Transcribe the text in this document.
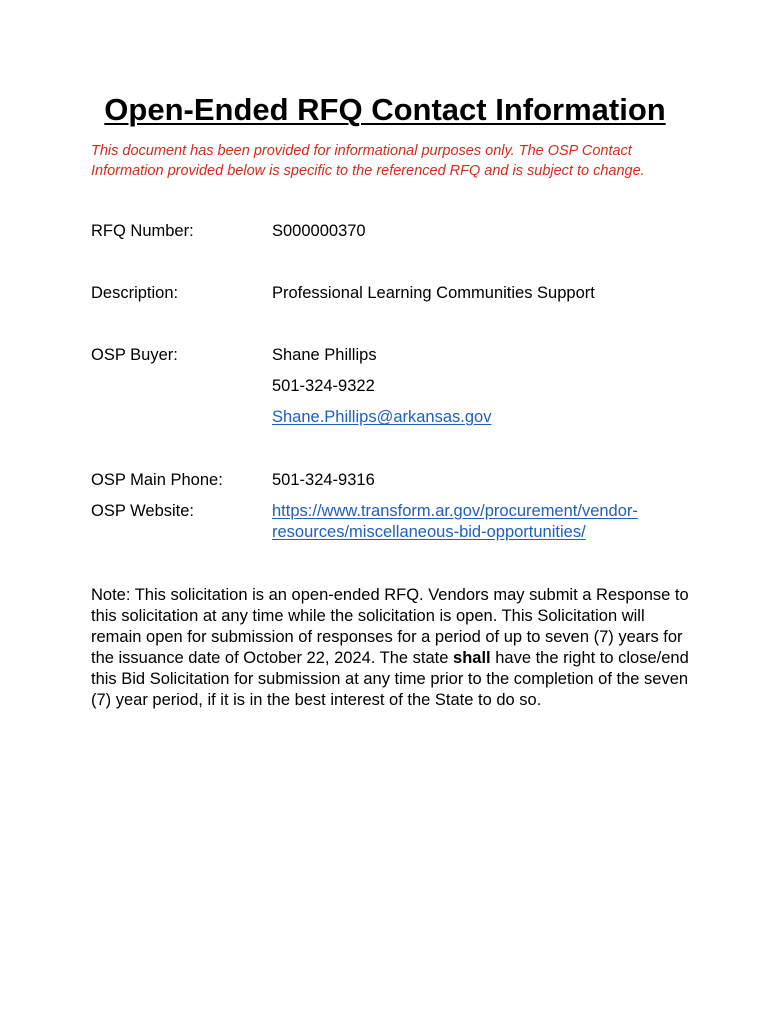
Open-Ended RFQ Contact Information

This document has been provided for informational purposes only. The OSP Contact Information provided below is specific to the referenced RFQ and is subject to change.

RFQ Number:	S000000370
Description:	Professional Learning Communities Support
OSP Buyer:	Shane Phillips
501-324-9322
Shane.Phillips@arkansas.gov
OSP Main Phone:	501-324-9316
OSP Website:	https://www.transform.ar.gov/procurement/vendor-
resources/miscellaneous-bid-opportunities/

Note: This solicitation is an open-ended RFQ. Vendors may submit a Response to this solicitation at any time while the solicitation is open. This Solicitation will remain open for submission of responses for a period of up to seven (7) years for the issuance date of October 22, 2024. The state shall have the right to close/end this Bid Solicitation for submission at any time prior to the completion of the seven (7) year period, if it is in the best interest of the State to do so.
